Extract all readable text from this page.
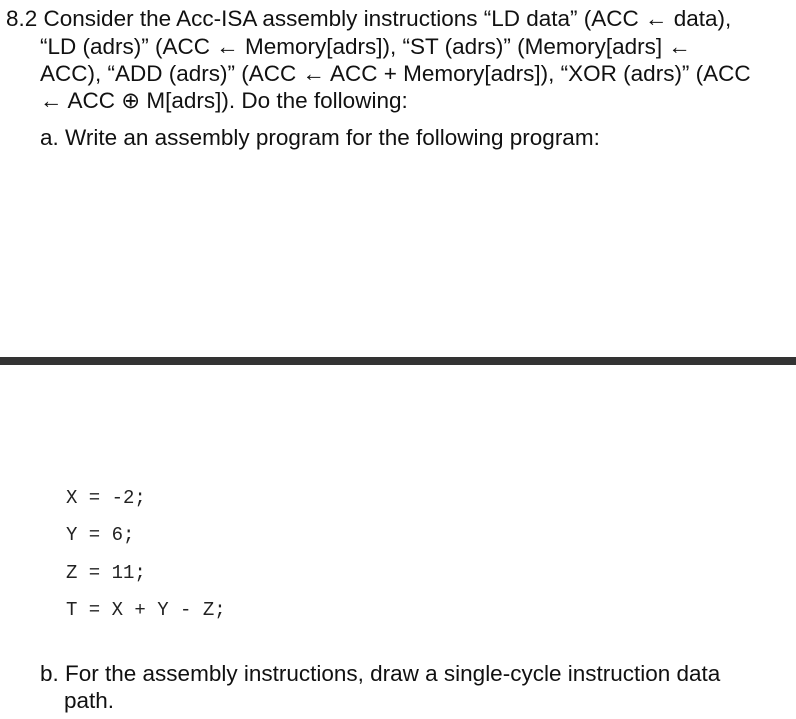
8.2 Consider the Acc-ISA assembly instructions “LD data” (ACC ← data),
“LD (adrs)” (ACC ← Memory[adrs]), “ST (adrs)” (Memory[adrs] ←
ACC), “ADD (adrs)” (ACC ← ACC + Memory[adrs]), “XOR (adrs)” (ACC
← ACC ⊕ M[adrs]). Do the following:
a. Write an assembly program for the following program:
X = -2;
Y = 6;
Z = 11;
T = X + Y - Z;
b. For the assembly instructions, draw a single-cycle instruction data
path.
